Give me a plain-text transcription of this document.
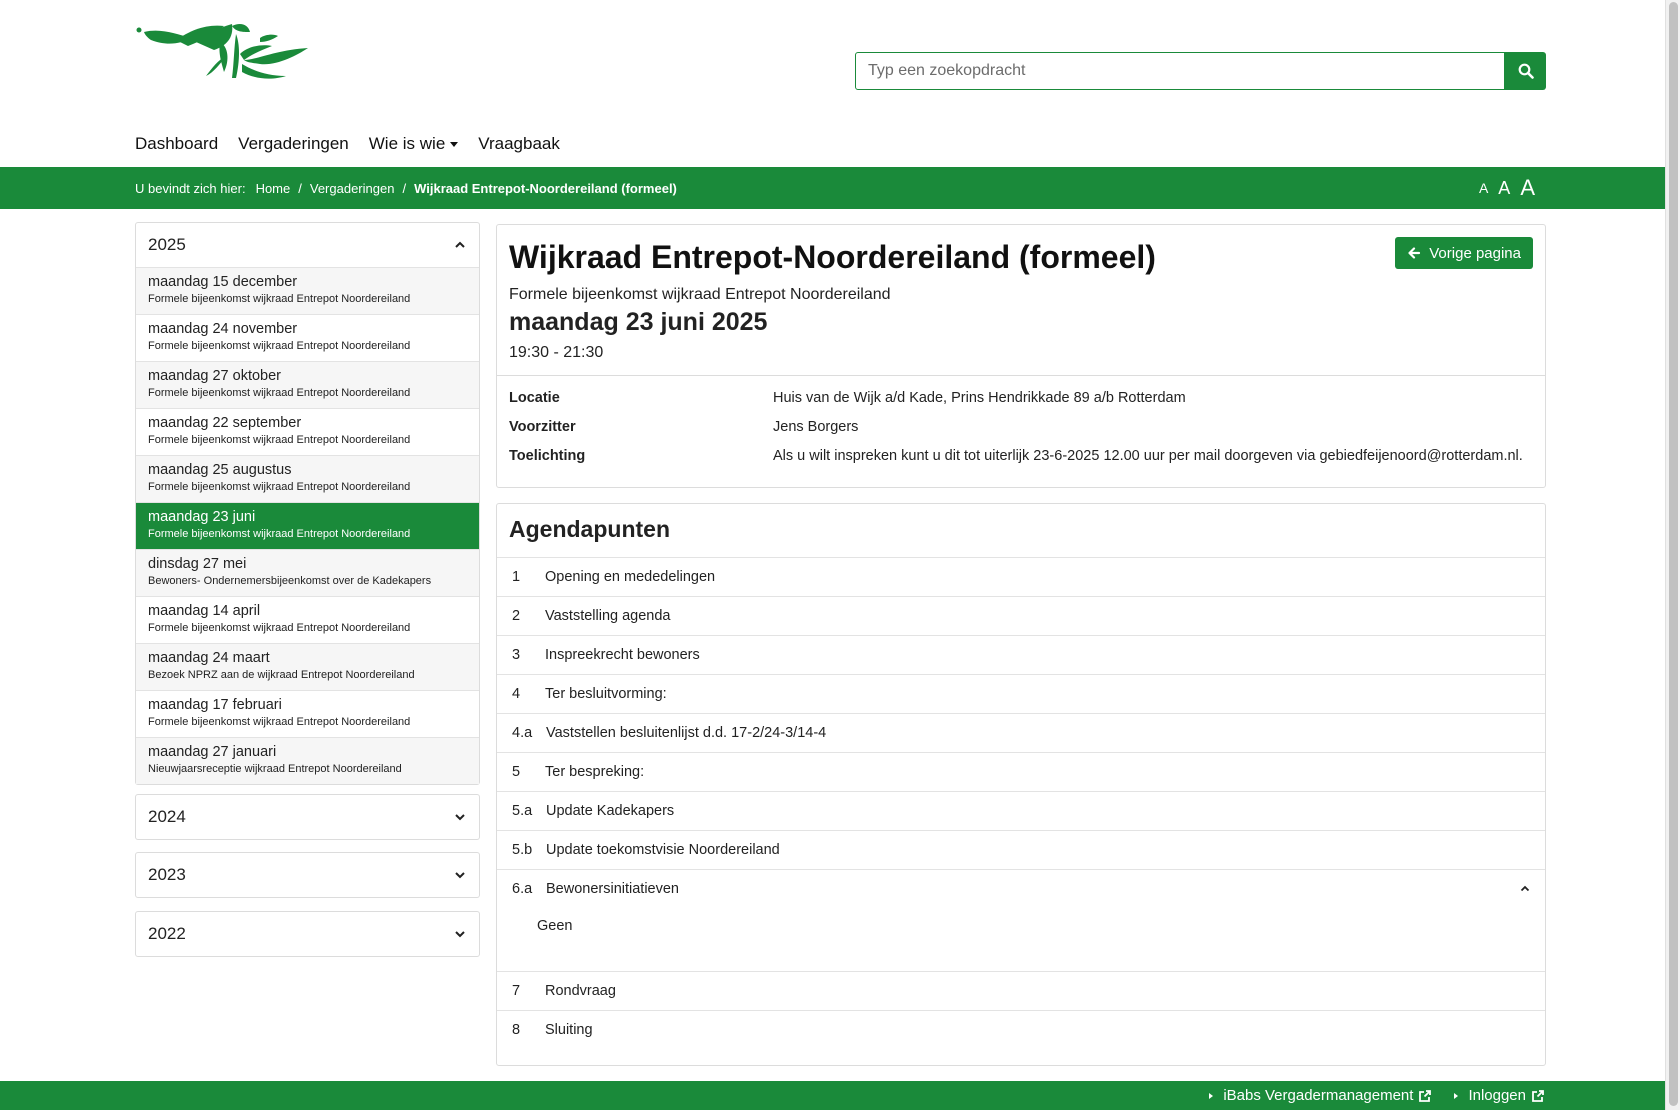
Typ een zoekopdracht
Dashboard Vergaderingen Wie is wie Vraagbaak
U bevindt zich hier: Home / Vergaderingen / Wijkraad Entrepot-Noordereiland (formeel)	A A A
2025
maandag 15 december
Formele bijeenkomst wijkraad Entrepot Noordereiland
maandag 24 november
Formele bijeenkomst wijkraad Entrepot Noordereiland
maandag 27 oktober
Formele bijeenkomst wijkraad Entrepot Noordereiland
maandag 22 september
Formele bijeenkomst wijkraad Entrepot Noordereiland
maandag 25 augustus
Formele bijeenkomst wijkraad Entrepot Noordereiland
maandag 23 juni
Formele bijeenkomst wijkraad Entrepot Noordereiland
dinsdag 27 mei
Bewoners- Ondernemersbijeenkomst over de Kadekapers
maandag 14 april
Formele bijeenkomst wijkraad Entrepot Noordereiland
maandag 24 maart
Bezoek NPRZ aan de wijkraad Entrepot Noordereiland
maandag 17 februari
Formele bijeenkomst wijkraad Entrepot Noordereiland
maandag 27 januari
Nieuwjaarsreceptie wijkraad Entrepot Noordereiland
2024
2023
2022
Wijkraad Entrepot-Noordereiland (formeel)	Vorige pagina
Formele bijeenkomst wijkraad Entrepot Noordereiland
maandag 23 juni 2025
19:30 - 21:30
Locatie	Huis van de Wijk a/d Kade, Prins Hendrikkade 89 a/b Rotterdam
Voorzitter	Jens Borgers
Toelichting	Als u wilt inspreken kunt u dit tot uiterlijk 23-6-2025 12.00 uur per mail doorgeven via gebiedfeijenoord@rotterdam.nl.
Agendapunten
1	Opening en mededelingen
2	Vaststelling agenda
3	Inspreekrecht bewoners
4	Ter besluitvorming:
4.a Vaststellen besluitenlijst d.d. 17-2/24-3/14-4
5	Ter bespreking:
5.a Update Kadekapers
5.b Update toekomstvisie Noordereiland
6.a Bewonersinitiatieven
Geen
7	Rondvraag
8	Sluiting
iBabs Vergadermanagement	Inloggen
